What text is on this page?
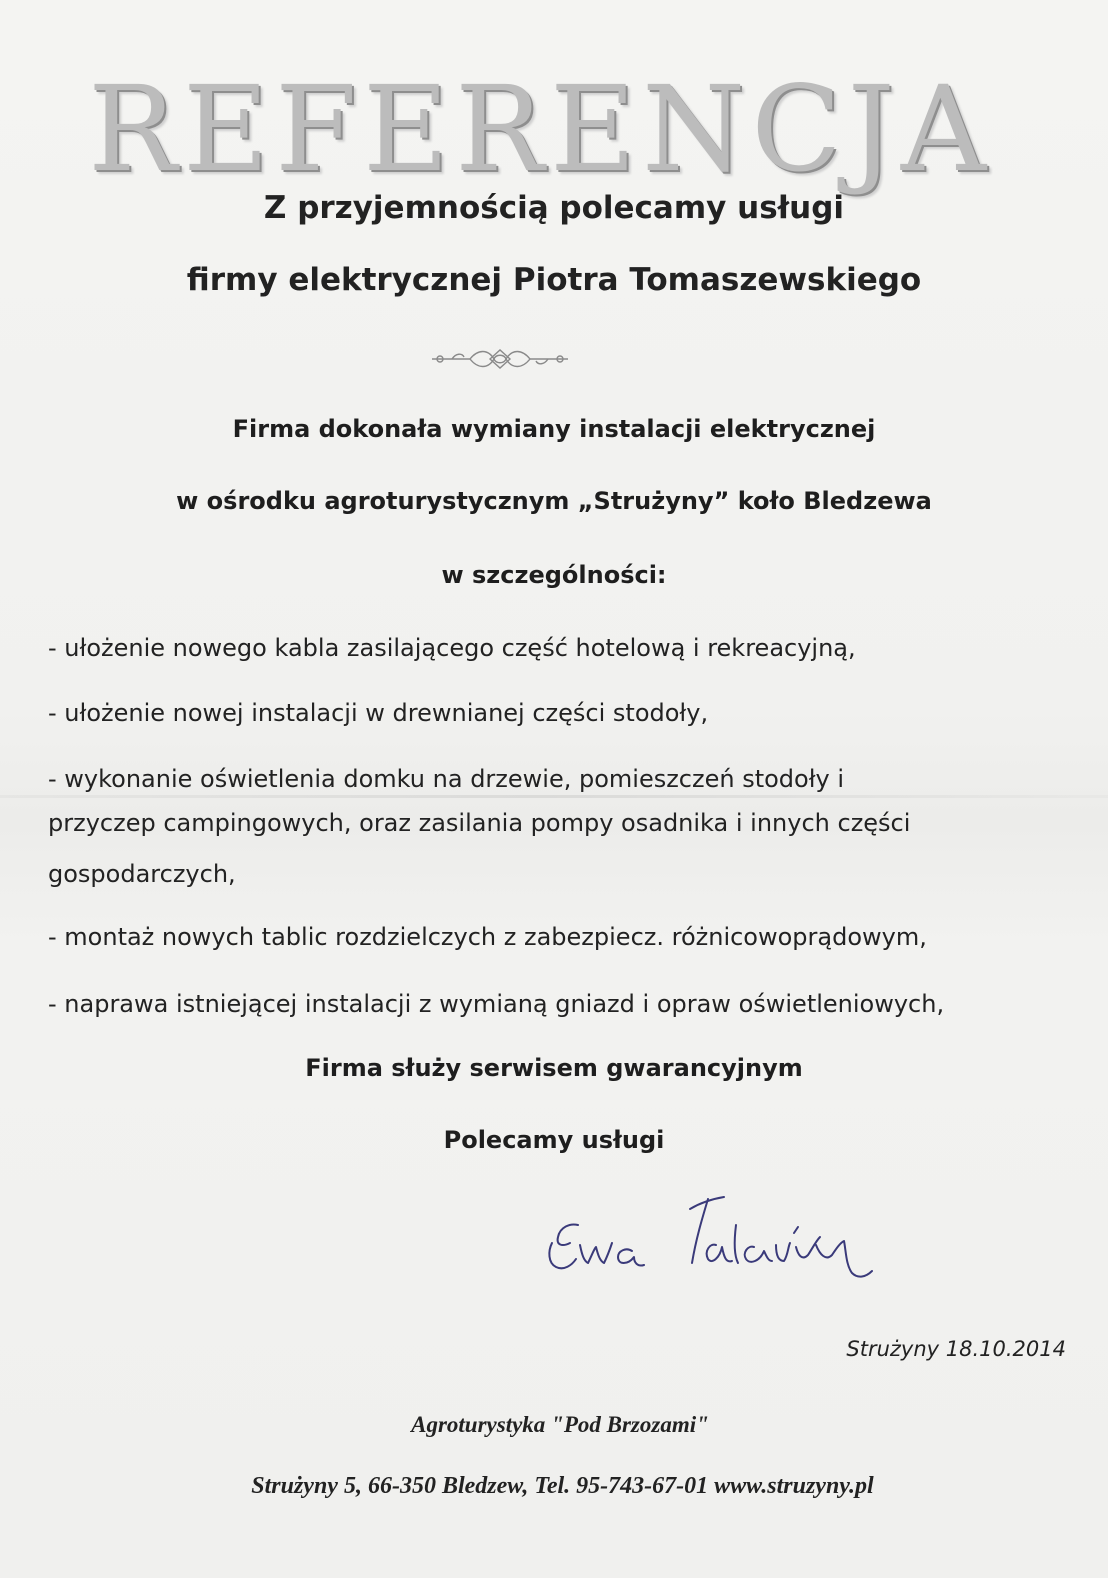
REFERENCJA
Z przyjemnością polecamy usługi
firmy elektrycznej Piotra Tomaszewskiego
Firma dokonała wymiany instalacji elektrycznej
w ośrodku agroturystycznym „Strużyny” koło Bledzewa
w szczególności:
- ułożenie nowego kabla zasilającego część hotelową i rekreacyjną,
- ułożenie nowej instalacji w drewnianej części stodoły,
- wykonanie oświetlenia domku na drzewie, pomieszczeń stodoły i
przyczep campingowych, oraz zasilania pompy osadnika i innych części
gospodarczych,
- montaż nowych tablic rozdzielczych z zabezpiecz. różnicowoprądowym,
- naprawa istniejącej instalacji z wymianą gniazd i opraw oświetleniowych,
Firma służy serwisem gwarancyjnym
Polecamy usługi
Strużyny 18.10.2014
Agroturystyka "Pod Brzozami"
Strużyny 5, 66-350 Bledzew, Tel. 95-743-67-01 www.struzyny.pl
